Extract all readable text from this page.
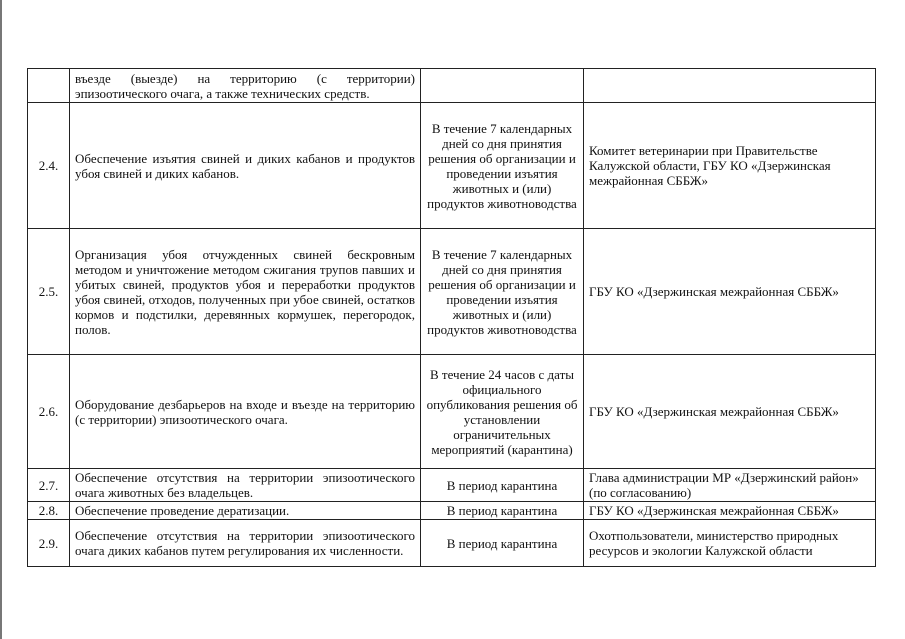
	въезде (выезде) на территорию (с территории) эпизоотического очага, а также технических средств.		
2.4.	Обеспечение изъятия свиней и диких кабанов и продуктов убоя свиней и диких кабанов.	В течение 7 календарных дней со дня принятия решения об организации и проведении изъятия животных и (или) продуктов животноводства	Комитет ветеринарии при Правительстве Калужской области, ГБУ КО «Дзержинская межрайонная СББЖ»
2.5.	Организация убоя отчужденных свиней бескровным методом и уничтожение методом сжигания трупов павших и убитых свиней, продуктов убоя и переработки продуктов убоя свиней, отходов, полученных при убое свиней, остатков кормов и подстилки, деревянных кормушек, перегородок, полов.	В течение 7 календарных дней со дня принятия решения об организации и проведении изъятия животных и (или) продуктов животноводства	ГБУ КО «Дзержинская межрайонная СББЖ»
2.6.	Оборудование дезбарьеров на входе и въезде на территорию (с территории) эпизоотического очага.	В течение 24 часов с даты официального опубликования решения об установлении ограничительных мероприятий (карантина)	ГБУ КО «Дзержинская межрайонная СББЖ»
2.7.	Обеспечение отсутствия на территории эпизоотического очага животных без владельцев.	В период карантина	Глава администрации МР «Дзержинский район» (по согласованию)
2.8.	Обеспечение проведение дератизации.	В период карантина	ГБУ КО «Дзержинская межрайонная СББЖ»
2.9.	Обеспечение отсутствия на территории эпизоотического очага диких кабанов путем регулирования их численности.	В период карантина	Охотпользователи, министерство природных ресурсов и экологии Калужской области
